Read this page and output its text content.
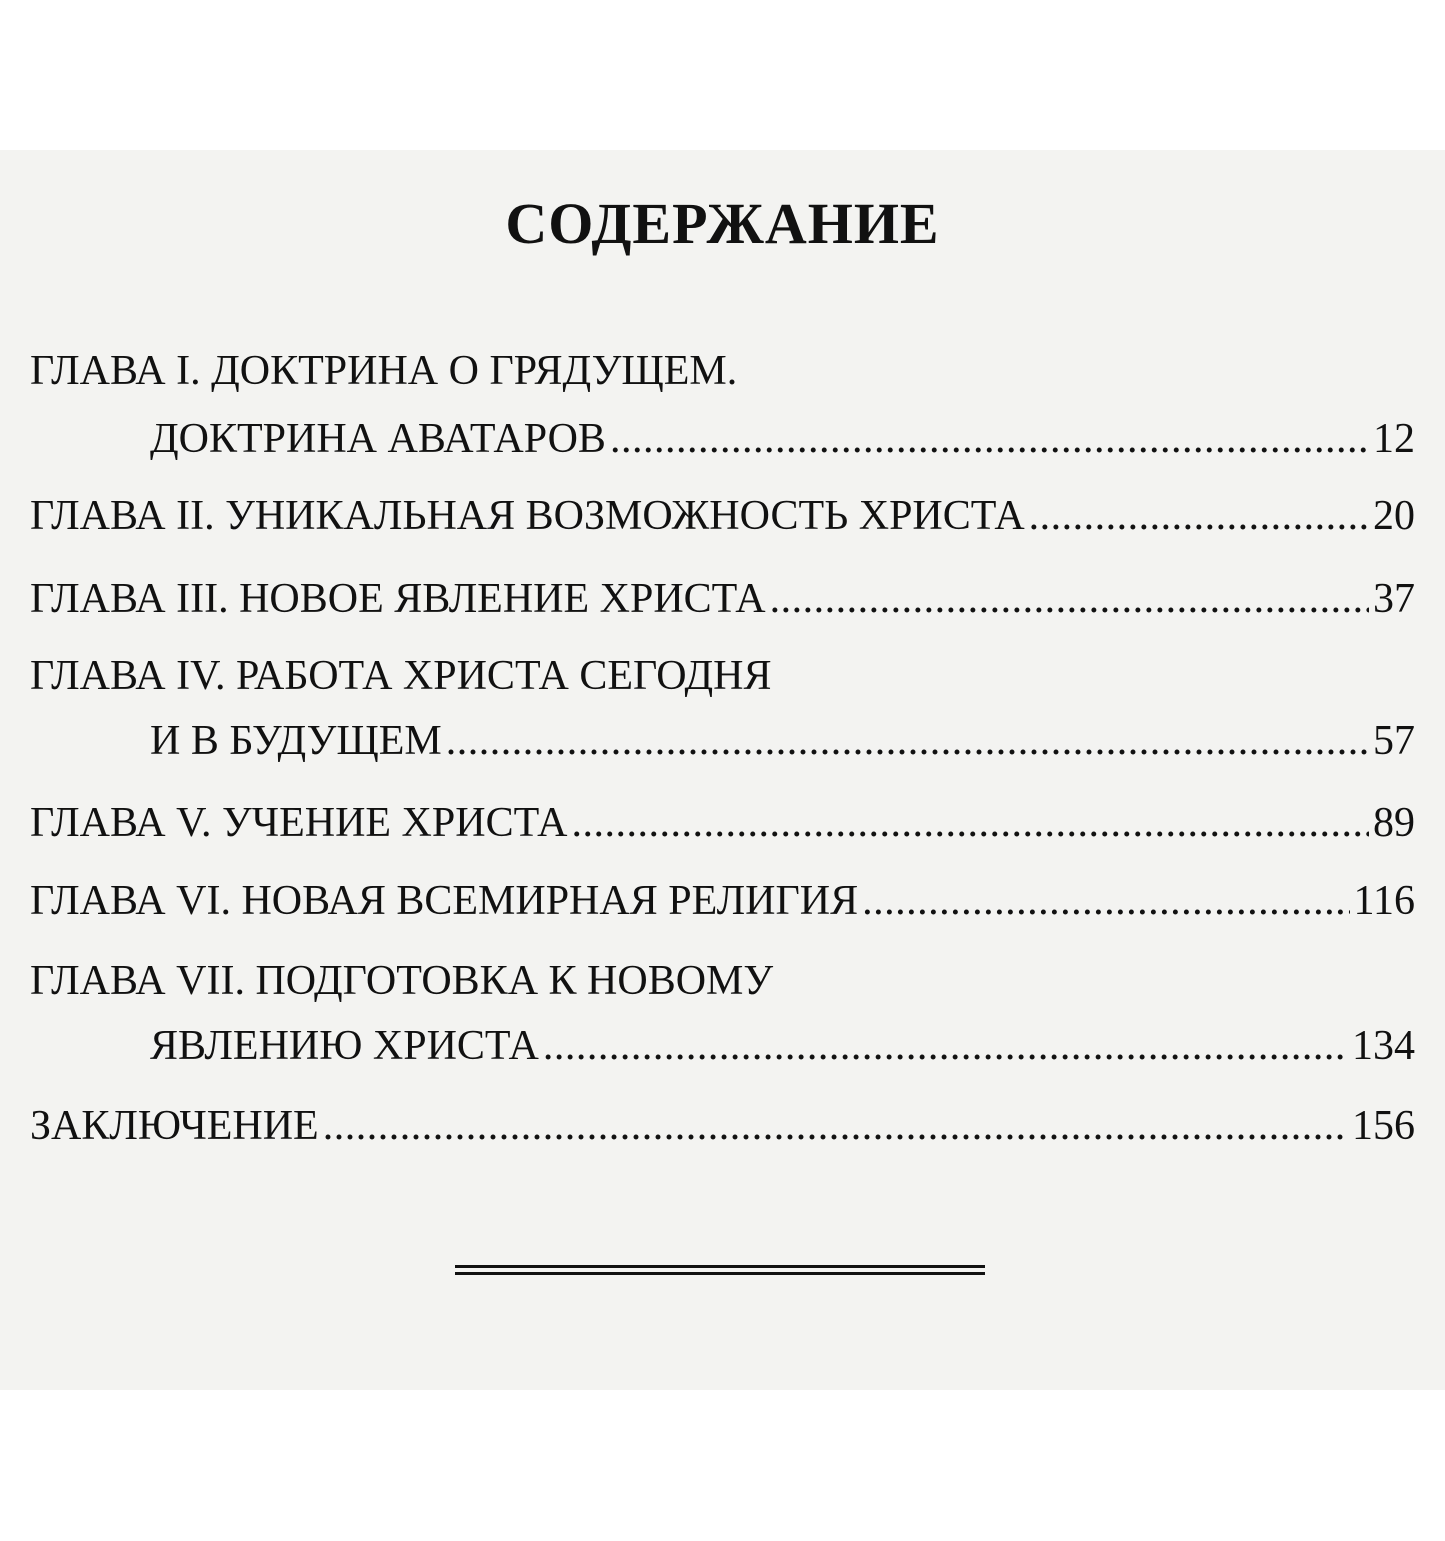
СОДЕРЖАНИЕ
ГЛАВА I. ДОКТРИНА О ГРЯДУЩЕМ.
ДОКТРИНА АВАТАРОВ . . .	12
ГЛАВА II. УНИКАЛЬНАЯ ВОЗМОЖНОСТЬ ХРИСТА . . .	20
ГЛАВА III. НОВОЕ ЯВЛЕНИЕ ХРИСТА . . .	37
ГЛАВА IV. РАБОТА ХРИСТА СЕГОДНЯ
И В БУДУЩЕМ . . .	57
ГЛАВА V. УЧЕНИЕ ХРИСТА . . .	89
ГЛАВА VI. НОВАЯ ВСЕМИРНАЯ РЕЛИГИЯ . . .	116
ГЛАВА VII. ПОДГОТОВКА К НОВОМУ
ЯВЛЕНИЮ ХРИСТА . . .	134
ЗАКЛЮЧЕНИЕ . . .	156
